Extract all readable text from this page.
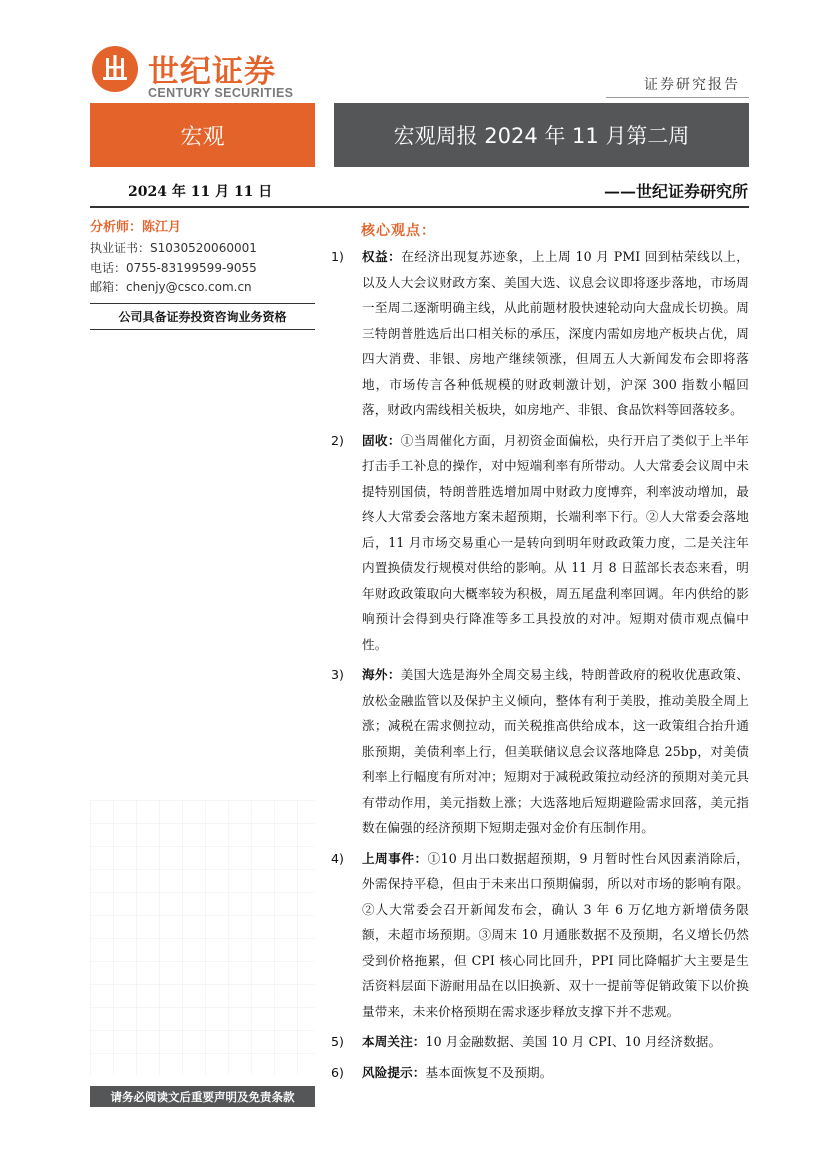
世纪证券
CENTURY SECURITIES	证券研究报告
宏观	宏观周报 2024 年 11 月第二周
2024 年 11 月 11 日	——世纪证券研究所
分析师：陈江月
执业证书：S1030520060001
电话：0755-83199599-9055
邮箱：chenjy@csco.com.cn
公司具备证券投资咨询业务资格
请务必阅读文后重要声明及免责条款
核心观点：
1) 权益：在经济出现复苏迹象，上上周 10 月 PMI 回到枯荣线以上，以及人大会议财政方案、美国大选、议息会议即将逐步落地，市场周一至周二逐渐明确主线，从此前题材股快速轮动向大盘成长切换。周三特朗普胜选后出口相关标的承压，深度内需如房地产板块占优，周四大消费、非银、房地产继续领涨，但周五人大新闻发布会即将落地，市场传言各种低规模的财政刺激计划，沪深 300 指数小幅回落，财政内需线相关板块，如房地产、非银、食品饮料等回落较多。
2) 固收：①当周催化方面，月初资金面偏松，央行开启了类似于上半年打击手工补息的操作，对中短端利率有所带动。人大常委会议周中未提特别国债，特朗普胜选增加周中财政力度博弈，利率波动增加，最终人大常委会落地方案未超预期，长端利率下行。②人大常委会落地后，11 月市场交易重心一是转向到明年财政政策力度，二是关注年内置换债发行规模对供给的影响。从 11 月 8 日蓝部长表态来看，明年财政政策取向大概率较为积极，周五尾盘利率回调。年内供给的影响预计会得到央行降准等多工具投放的对冲。短期对债市观点偏中性。
3) 海外：美国大选是海外全周交易主线，特朗普政府的税收优惠政策、放松金融监管以及保护主义倾向，整体有利于美股，推动美股全周上涨；减税在需求侧拉动，而关税推高供给成本，这一政策组合抬升通胀预期，美债利率上行，但美联储议息会议落地降息 25bp，对美债利率上行幅度有所对冲；短期对于减税政策拉动经济的预期对美元具有带动作用，美元指数上涨；大选落地后短期避险需求回落，美元指数在偏强的经济预期下短期走强对金价有压制作用。
4) 上周事件：①10 月出口数据超预期，9 月暂时性台风因素消除后，外需保持平稳，但由于未来出口预期偏弱，所以对市场的影响有限。②人大常委会召开新闻发布会，确认 3 年 6 万亿地方新增债务限额，未超市场预期。③周末 10 月通胀数据不及预期，名义增长仍然受到价格拖累，但 CPI 核心同比回升，PPI 同比降幅扩大主要是生活资料层面下游耐用品在以旧换新、双十一提前等促销政策下以价换量带来，未来价格预期在需求逐步释放支撑下并不悲观。
5) 本周关注：10 月金融数据、美国 10 月 CPI、10 月经济数据。
6) 风险提示：基本面恢复不及预期。
